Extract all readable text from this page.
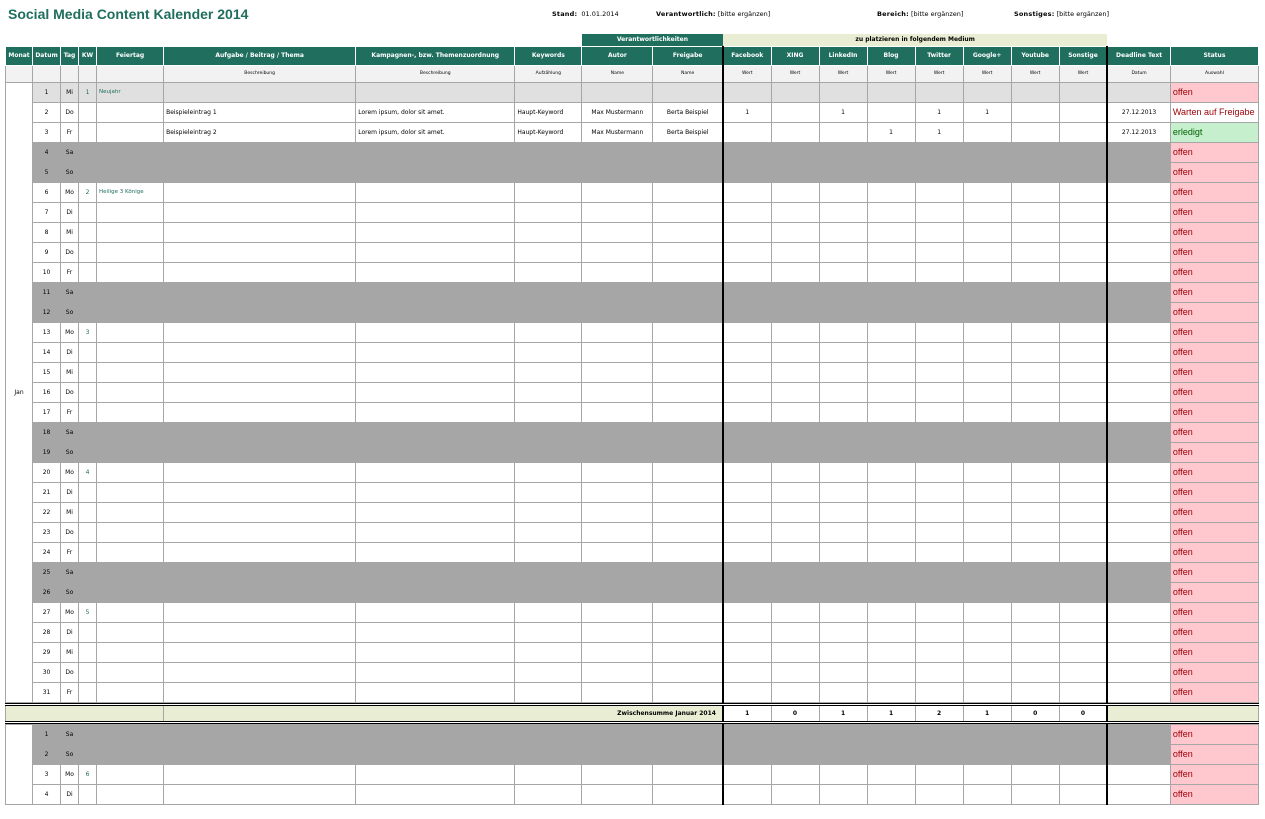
Social Media Content Kalender 2014	Stand: 01.01.2014	Verantwortlich: [bitte ergänzen]	Bereich: [bitte ergänzen]	Sonstiges: [bitte ergänzen]
								Verantwortlichkeiten		zu platzieren in folgendem Medium									
Monat	Datum	Tag	KW	Feiertag	Aufgabe / Beitrag / Thema	Kampagnen-, bzw. Themenzuordnung	Keywords	Autor	Freigabe	Facebook	XING	LinkedIn	Blog	Twitter	Google+	Youtube	Sonstige	Deadline Text	Status
					Beschreibung	Beschreibung	Aufzählung	Name	Name	Wert	Wert	Wert	Wert	Wert	Wert	Wert	Wert	Datum	Auswahl
Jan	1	Mi	1	Neujahr															offen
	2	Do			Beispieleintrag 1	Lorem ipsum, dolor sit amet.	Haupt-Keyword	Max Mustermann	Berta Beispiel	1		1		1	1			27.12.2013	Warten auf Freigabe
	3	Fr			Beispieleintrag 2	Lorem ipsum, dolor sit amet.	Haupt-Keyword	Max Mustermann	Berta Beispiel				1	1				27.12.2013	erledigt
	4	Sa																	offen
	5	So																	offen
	6	Mo	2	Heilige 3 Könige															offen
	7	Di																	offen
	8	Mi																	offen
	9	Do																	offen
	10	Fr																	offen
	11	Sa																	offen
	12	So																	offen
	13	Mo	3																offen
	14	Di																	offen
	15	Mi																	offen
	16	Do																	offen
	17	Fr																	offen
	18	Sa																	offen
	19	So																	offen
	20	Mo	4																offen
	21	Di																	offen
	22	Mi																	offen
	23	Do																	offen
	24	Fr																	offen
	25	Sa																	offen
	26	So																	offen
	27	Mo	5																offen
	28	Di																	offen
	29	Mi																	offen
	30	Do																	offen
	31	Fr																	offen

					Zwischensumme Januar 2014					1	0	1	1	2	1	0	0		

	1	Sa																	offen
	2	So																	offen
	3	Mo	6																offen
	4	Di																	offen
